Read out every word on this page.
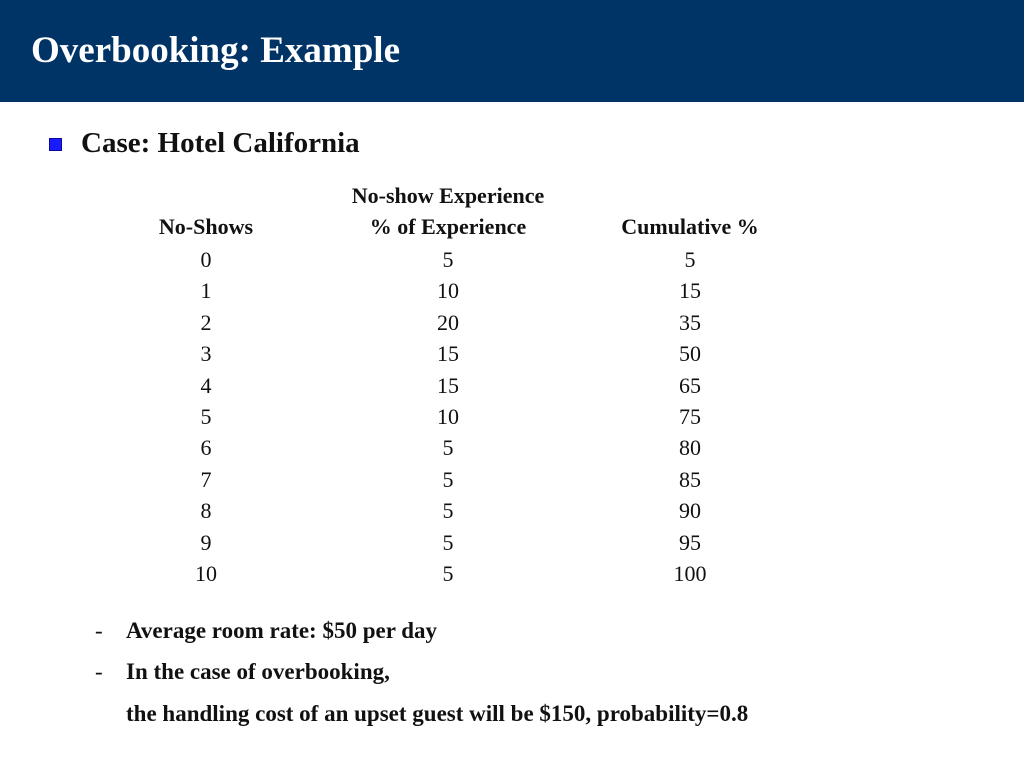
Overbooking: Example
Case: Hotel California
No-show Experience
No-Shows	% of Experience	Cumulative %
0
1
2
3
4
5
6
7
8
9
10
5
10
20
15
15
10
5
5
5
5
5
5
15
35
50
65
75
80
85
90
95
100
- Average room rate: $50 per day
- In the case of overbooking,
the handling cost of an upset guest will be $150, probability=0.8
